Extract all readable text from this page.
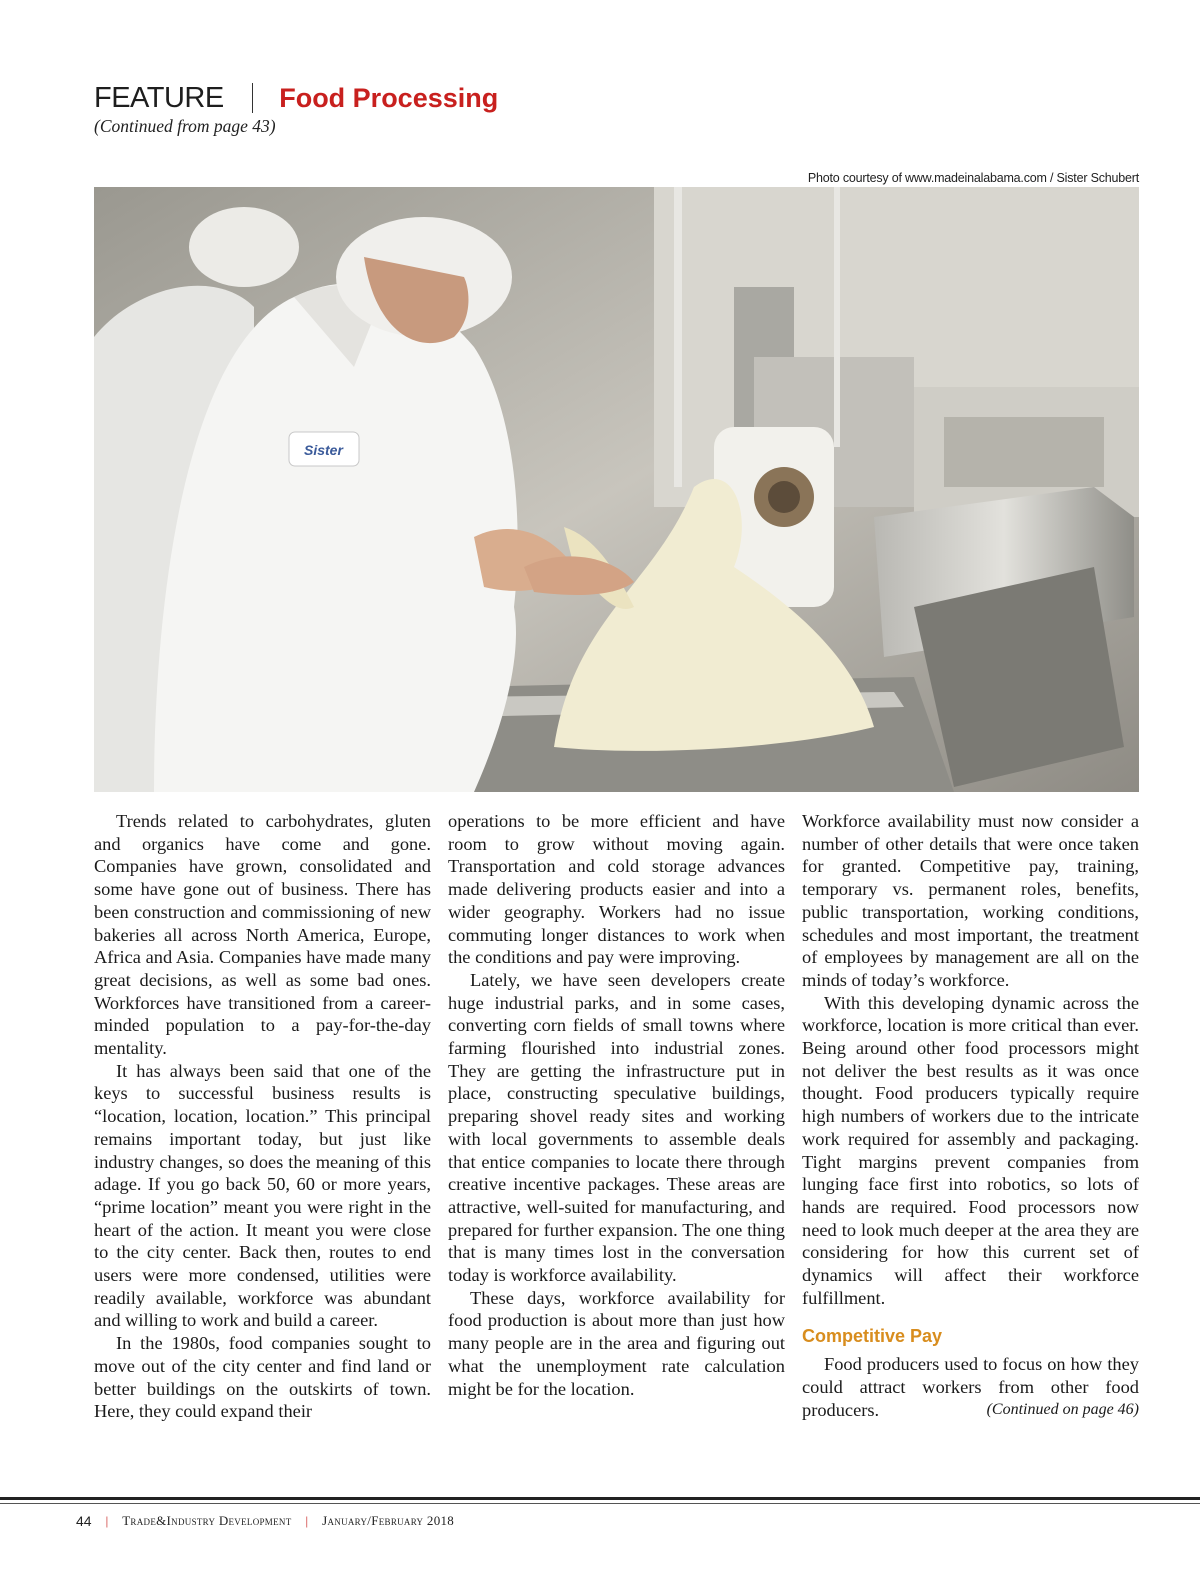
FEATURE Food Processing
(Continued from page 43)
Photo courtesy of www.madeinalabama.com / Sister Schubert
Sister

Trends related to carbohydrates, gluten and organics have come and gone. Companies have grown, consolidated and some have gone out of business. There has been construction and commissioning of new bakeries all across North America, Europe, Africa and Asia. Companies have made many great decisions, as well as some bad ones. Workforces have transitioned from a career-minded population to a pay-for-the-day mentality.

It has always been said that one of the keys to successful business results is “location, location, location.” This principal remains important today, but just like industry changes, so does the meaning of this adage. If you go back 50, 60 or more years, “prime location” meant you were right in the heart of the action. It meant you were close to the city center. Back then, routes to end users were more condensed, utilities were readily available, workforce was abundant and willing to work and build a career.

In the 1980s, food companies sought to move out of the city center and find land or better buildings on the outskirts of town. Here, they could expand their

operations to be more efficient and have room to grow without moving again. Transportation and cold storage advances made delivering products easier and into a wider geography. Workers had no issue commuting longer distances to work when the conditions and pay were improving.

Lately, we have seen developers create huge industrial parks, and in some cases, converting corn fields of small towns where farming flourished into industrial zones. They are getting the infrastructure put in place, constructing speculative buildings, preparing shovel ready sites and working with local governments to assemble deals that entice companies to locate there through creative incentive packages. These areas are attractive, well-suited for manufacturing, and prepared for further expansion. The one thing that is many times lost in the conversation today is workforce availability.

These days, workforce availability for food production is about more than just how many people are in the area and figuring out what the unemployment rate calculation might be for the location.

Workforce availability must now consider a number of other details that were once taken for granted. Competitive pay, training, temporary vs. permanent roles, benefits, public transportation, working conditions, schedules and most important, the treatment of employees by management are all on the minds of today’s workforce.

With this developing dynamic across the workforce, location is more critical than ever. Being around other food processors might not deliver the best results as it was once thought. Food producers typically require high numbers of workers due to the intricate work required for assembly and packaging. Tight margins prevent companies from lunging face first into robotics, so lots of hands are required. Food processors now need to look much deeper at the area they are considering for how this current set of dynamics will affect their workforce fulfillment.

Competitive Pay

Food producers used to focus on how they could attract workers from other food producers.	(Continued on page 46)

44 | Trade&Industry Development | January/February 2018
